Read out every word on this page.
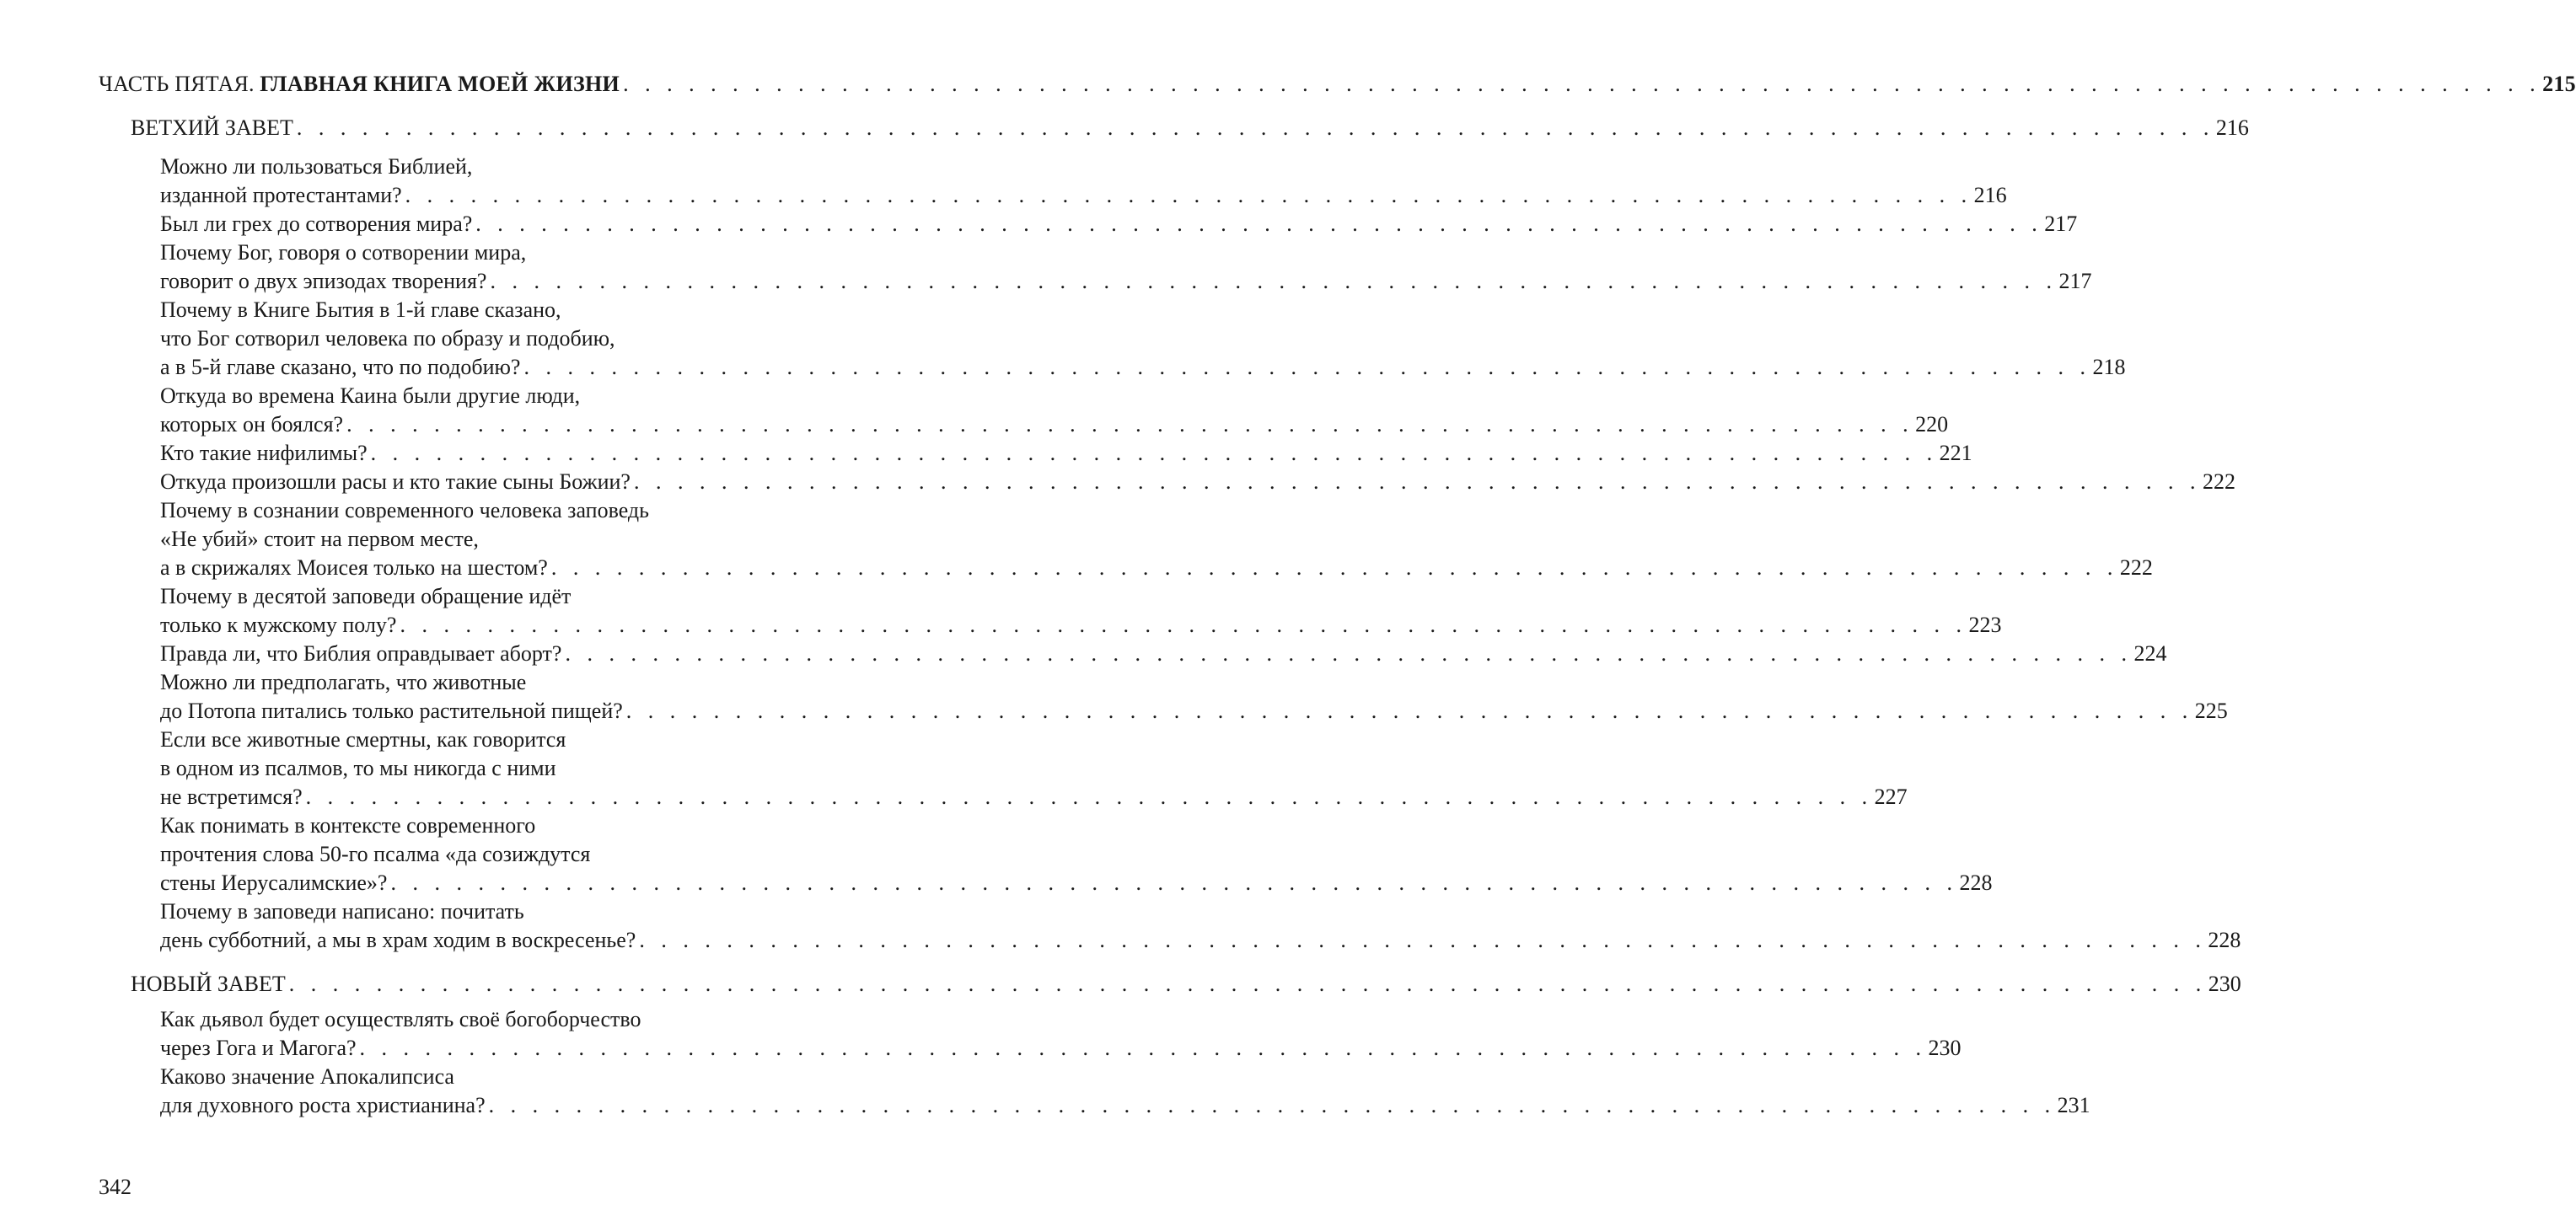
ЧАСТЬ ПЯТАЯ. ГЛАВНАЯ КНИГА МОЕЙ ЖИЗНИ . . . . . . . . . . . . . . . . . . . . . . . . . . . . . . . . . . . . . . . . . . . . . . . . . . . . . . . . . . . . . . . . . . . . . . . . . . . . . . . . . . . . . . . . 215
ВЕТХИЙ ЗАВЕТ . . . . . . . . . . . . . . . . . . . . . . . . . . . . . . . . . . . . . . . . . . . . . . . . . . . . . . . . . . . . . . . . . . . . . . . . . . . . . . . . . . . . . . . . 216
Можно ли пользоваться Библией,
изданной протестантами? . . . . . . . . . . . . . . . . . . . . . . . . . . . . . . . . . . . . . . . . . . . . . . . . . . . . . . . . . . . . . . . . . . . . . . . . 216
Был ли грех до сотворения мира? . . . . . . . . . . . . . . . . . . . . . . . . . . . . . . . . . . . . . . . . . . . . . . . . . . . . . . . . . . . . . . . . . . . . . . . . 217
Почему Бог, говоря о сотворении мира,
говорит о двух эпизодах творения? . . . . . . . . . . . . . . . . . . . . . . . . . . . . . . . . . . . . . . . . . . . . . . . . . . . . . . . . . . . . . . . . . . . . . . . . 217
Почему в Книге Бытия в 1-й главе сказано,
что Бог сотворил человека по образу и подобию,
а в 5-й главе сказано, что по подобию? . . . . . . . . . . . . . . . . . . . . . . . . . . . . . . . . . . . . . . . . . . . . . . . . . . . . . . . . . . . . . . . . . . . . . . . . 218
Откуда во времена Каина были другие люди,
которых он боялся? . . . . . . . . . . . . . . . . . . . . . . . . . . . . . . . . . . . . . . . . . . . . . . . . . . . . . . . . . . . . . . . . . . . . . . . . 220
Кто такие нифилимы? . . . . . . . . . . . . . . . . . . . . . . . . . . . . . . . . . . . . . . . . . . . . . . . . . . . . . . . . . . . . . . . . . . . . . . . . 221
Откуда произошли расы и кто такие сыны Божии? . . . . . . . . . . . . . . . . . . . . . . . . . . . . . . . . . . . . . . . . . . . . . . . . . . . . . . . . . . . . . . . . . . . . . . . . 222
Почему в сознании современного человека заповедь
«Не убий» стоит на первом месте,
а в скрижалях Моисея только на шестом? . . . . . . . . . . . . . . . . . . . . . . . . . . . . . . . . . . . . . . . . . . . . . . . . . . . . . . . . . . . . . . . . . . . . . . . . 222
Почему в десятой заповеди обращение идёт
только к мужскому полу? . . . . . . . . . . . . . . . . . . . . . . . . . . . . . . . . . . . . . . . . . . . . . . . . . . . . . . . . . . . . . . . . . . . . . . . . 223
Правда ли, что Библия оправдывает аборт? . . . . . . . . . . . . . . . . . . . . . . . . . . . . . . . . . . . . . . . . . . . . . . . . . . . . . . . . . . . . . . . . . . . . . . . . 224
Можно ли предполагать, что животные
до Потопа питались только растительной пищей? . . . . . . . . . . . . . . . . . . . . . . . . . . . . . . . . . . . . . . . . . . . . . . . . . . . . . . . . . . . . . . . . . . . . . . . . 225
Если все животные смертны, как говорится
в одном из псалмов, то мы никогда с ними
не встретимся? . . . . . . . . . . . . . . . . . . . . . . . . . . . . . . . . . . . . . . . . . . . . . . . . . . . . . . . . . . . . . . . . . . . . . . . . 227
Как понимать в контексте современного
прочтения слова 50-го псалма «да созиждутся
стены Иерусалимские»? . . . . . . . . . . . . . . . . . . . . . . . . . . . . . . . . . . . . . . . . . . . . . . . . . . . . . . . . . . . . . . . . . . . . . . . . 228
Почему в заповеди написано: почитать
день субботний, а мы в храм ходим в воскресенье? . . . . . . . . . . . . . . . . . . . . . . . . . . . . . . . . . . . . . . . . . . . . . . . . . . . . . . . . . . . . . . . . . . . . . . . . 228
НОВЫЙ ЗАВЕТ . . . . . . . . . . . . . . . . . . . . . . . . . . . . . . . . . . . . . . . . . . . . . . . . . . . . . . . . . . . . . . . . . . . . . . . . . . . . . . . . . . . . . . . . 230
Как дьявол будет осуществлять своё богоборчество
через Гога и Магога? . . . . . . . . . . . . . . . . . . . . . . . . . . . . . . . . . . . . . . . . . . . . . . . . . . . . . . . . . . . . . . . . . . . . . . . . 230
Каково значение Апокалипсиса
для духовного роста христианина? . . . . . . . . . . . . . . . . . . . . . . . . . . . . . . . . . . . . . . . . . . . . . . . . . . . . . . . . . . . . . . . . . . . . . . . . 231
342
